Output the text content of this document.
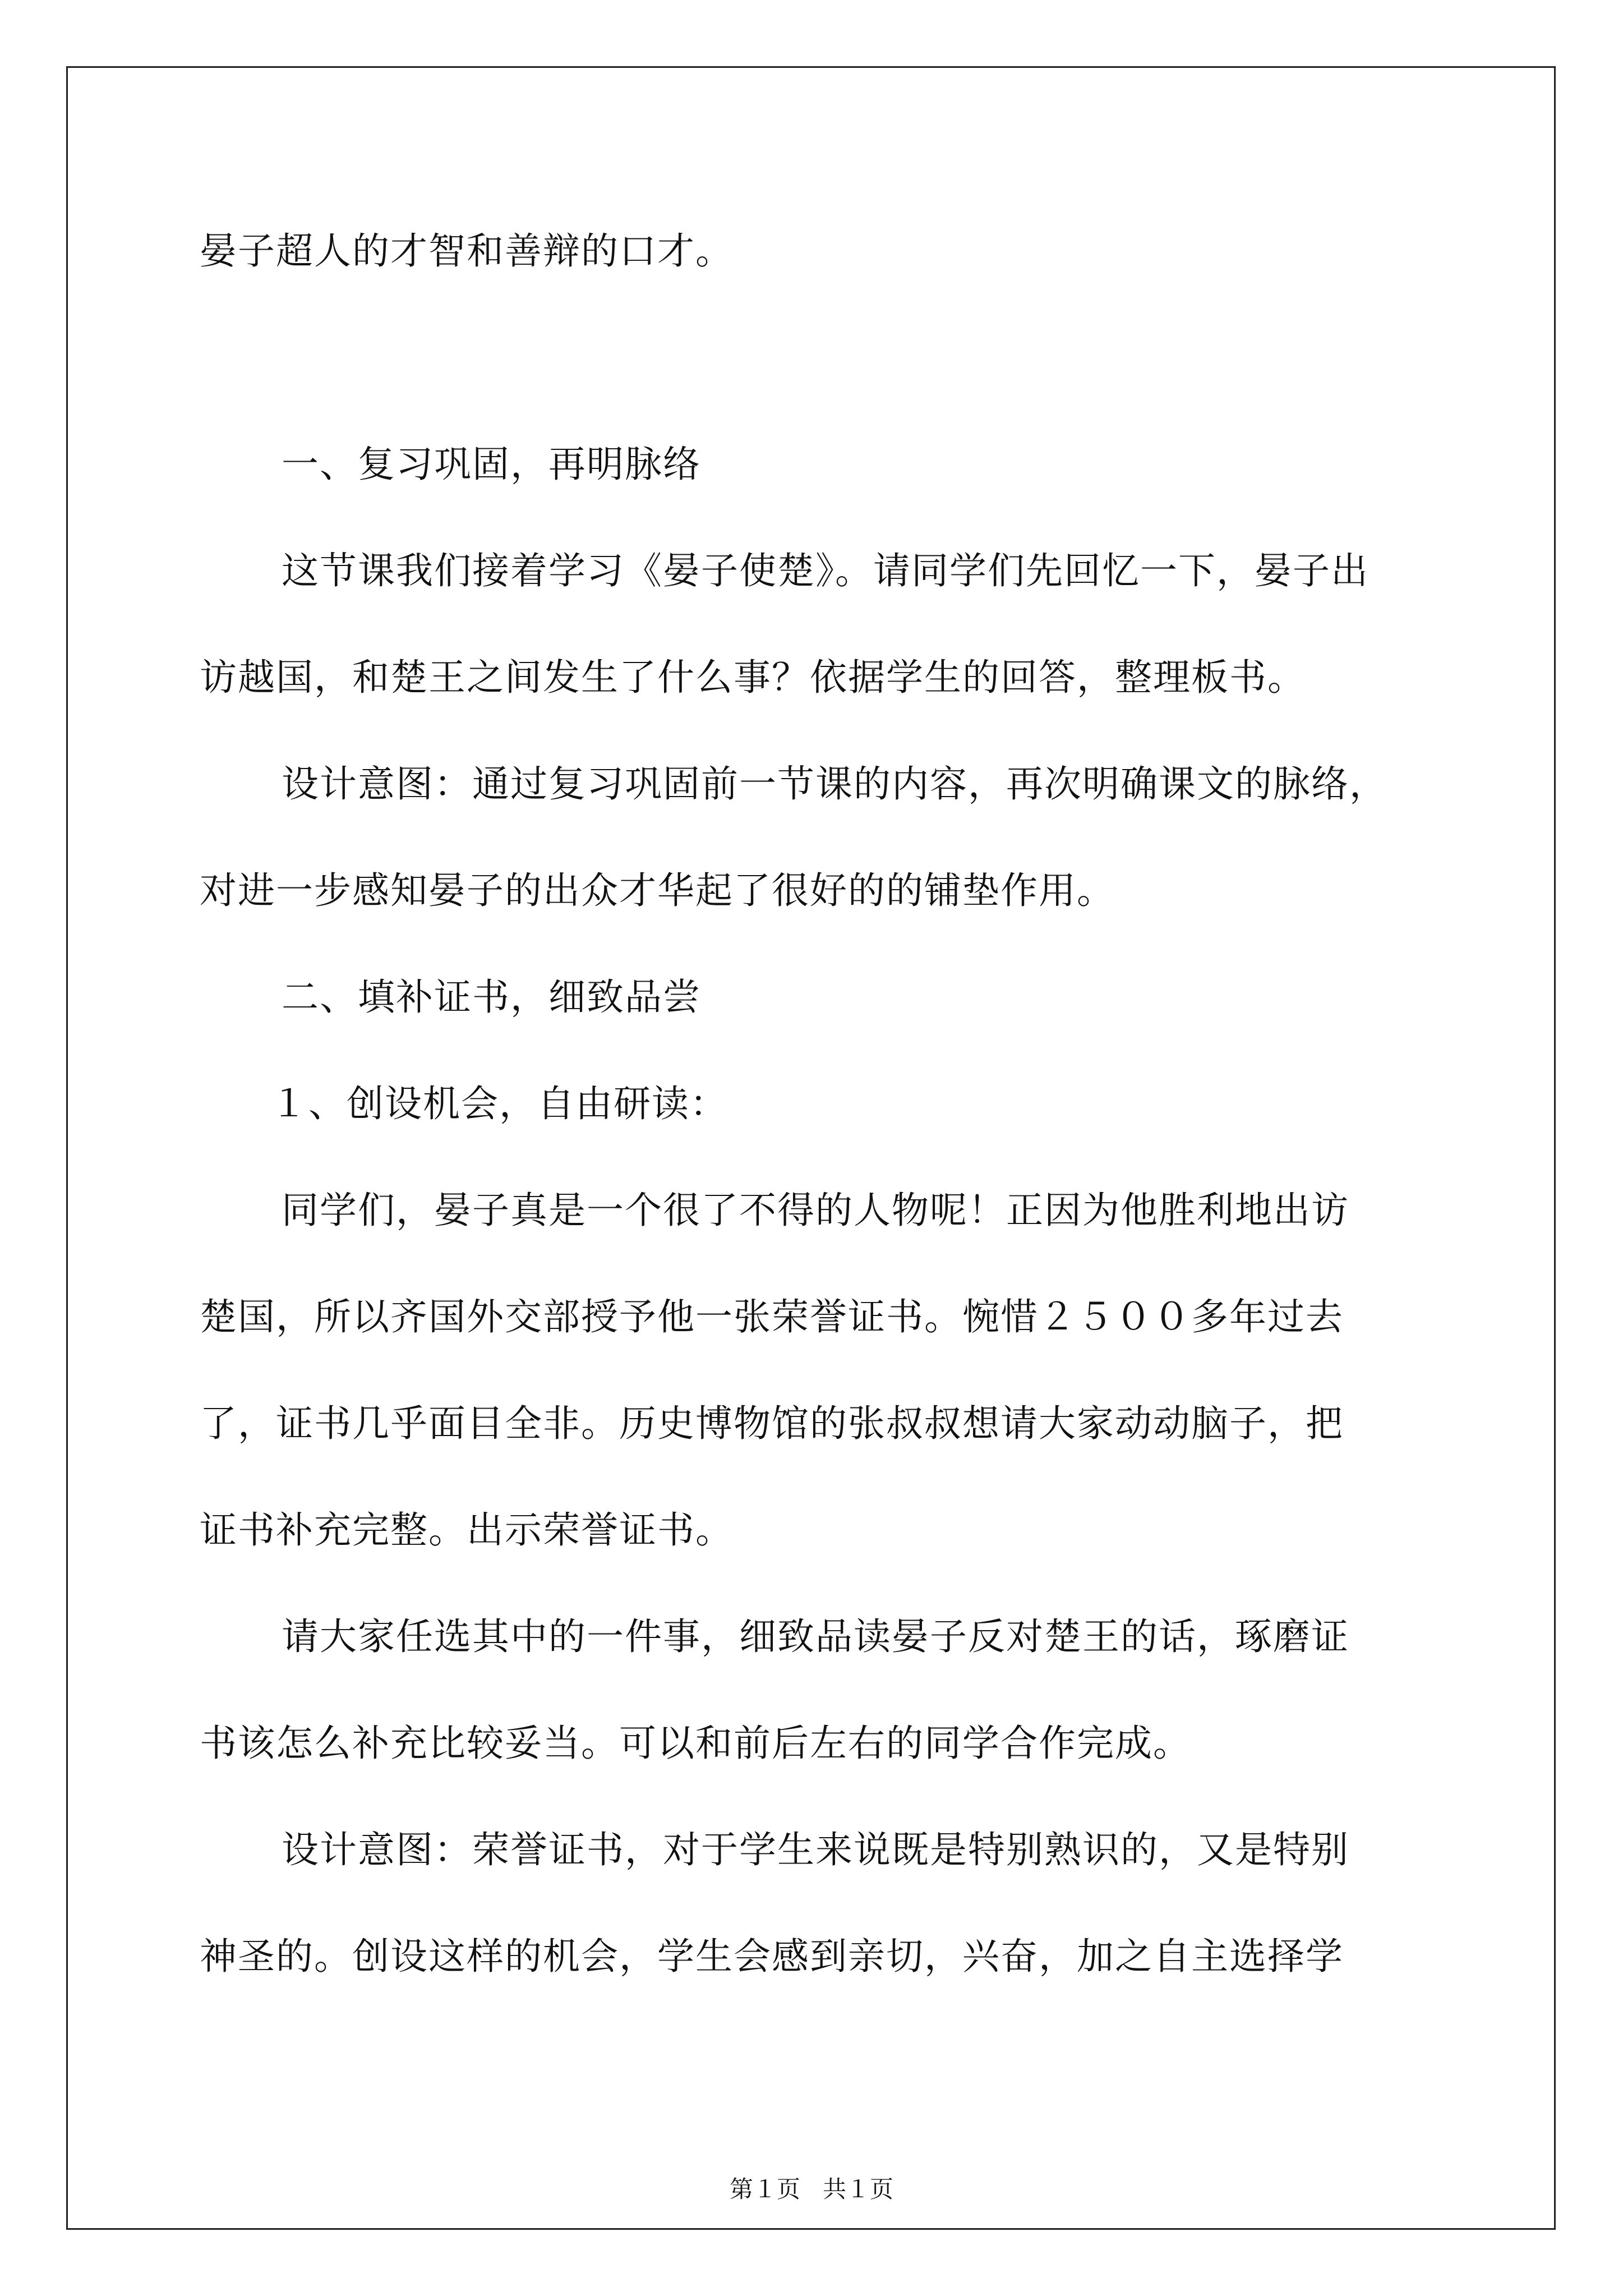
晏子超人的才智和善辩的口才。
一、复习巩固，再明脉络
这节课我们接着学习《晏子使楚》。请同学们先回忆一下，晏子出
访越国，和楚王之间发生了什么事？依据学生的回答，整理板书。
设计意图：通过复习巩固前一节课的内容，再次明确课文的脉络，
对进一步感知晏子的出众才华起了很好的的铺垫作用。
二、填补证书，细致品尝
１、创设机会，自由研读：
同学们，晏子真是一个很了不得的人物呢！正因为他胜利地出访
楚国，所以齐国外交部授予他一张荣誉证书。惋惜２５００多年过去
了，证书几乎面目全非。历史博物馆的张叔叔想请大家动动脑子，把
证书补充完整。出示荣誉证书。
请大家任选其中的一件事，细致品读晏子反对楚王的话，琢磨证
书该怎么补充比较妥当。可以和前后左右的同学合作完成。
设计意图：荣誉证书，对于学生来说既是特别熟识的，又是特别
神圣的。创设这样的机会，学生会感到亲切，兴奋，加之自主选择学
第１页   共１页
